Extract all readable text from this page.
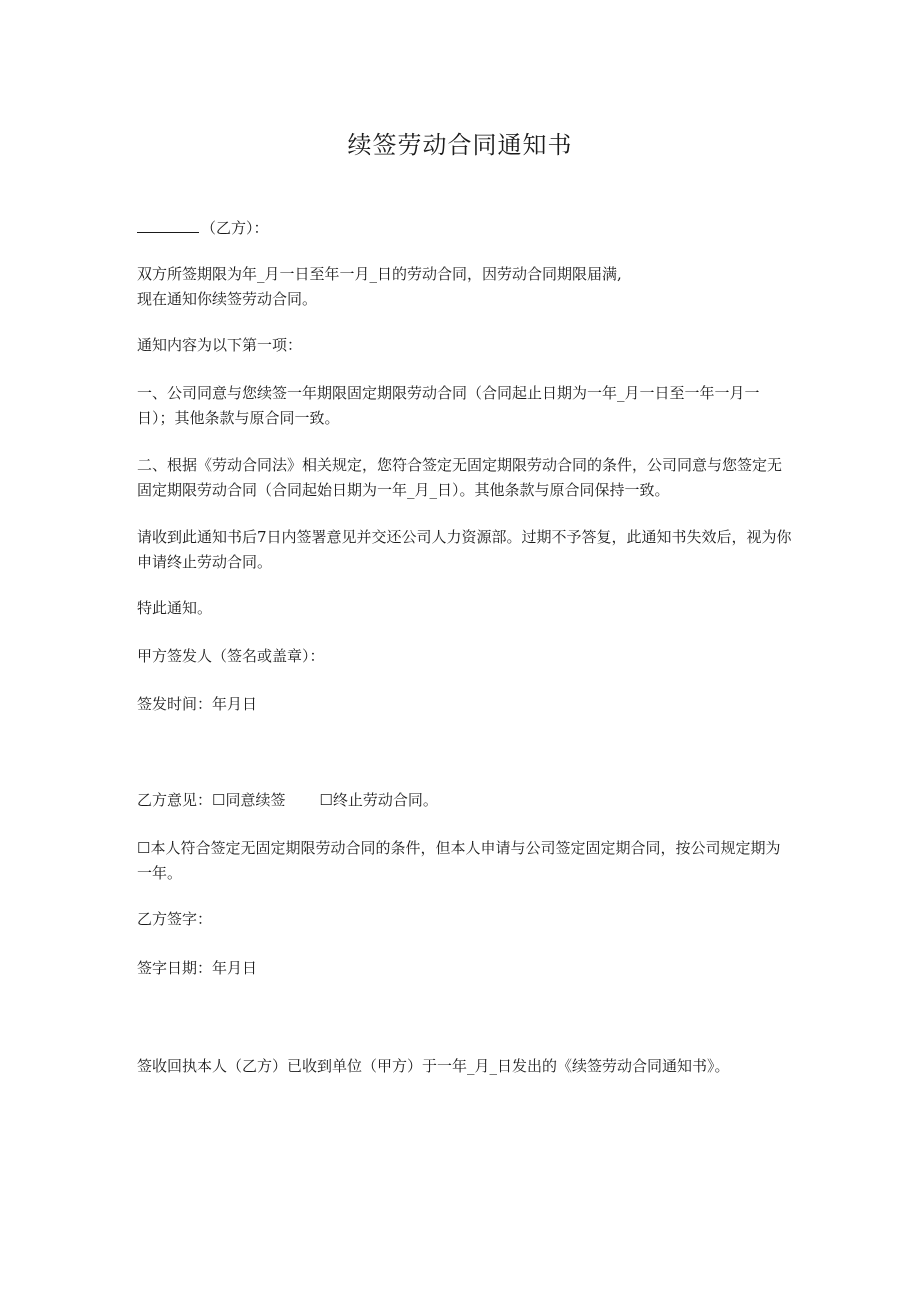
续签劳动合同通知书
（乙方）：
双方所签期限为年_月一日至年一月_日的劳动合同，因劳动合同期限届满,
现在通知你续签劳动合同。
通知内容为以下第一项：
一、公司同意与您续签一年期限固定期限劳动合同（合同起止日期为一年_月一日至一年一月一日）；其他条款与原合同一致。
二、根据《劳动合同法》相关规定，您符合签定无固定期限劳动合同的条件，公司同意与您签定无固定期限劳动合同（合同起始日期为一年_月_日）。其他条款与原合同保持一致。
请收到此通知书后7日内签署意见并交还公司人力资源部。过期不予答复，此通知书失效后，视为你申请终止劳动合同。
特此通知。
甲方签发人（签名或盖章）：
签发时间：年月日
乙方意见：☐同意续签 ☐终止劳动合同。
☐本人符合签定无固定期限劳动合同的条件，但本人申请与公司签定固定期合同，按公司规定期为一年。
乙方签字：
签字日期：年月日
签收回执本人（乙方）已收到单位（甲方）于一年_月_日发出的《续签劳动合同通知书》。
